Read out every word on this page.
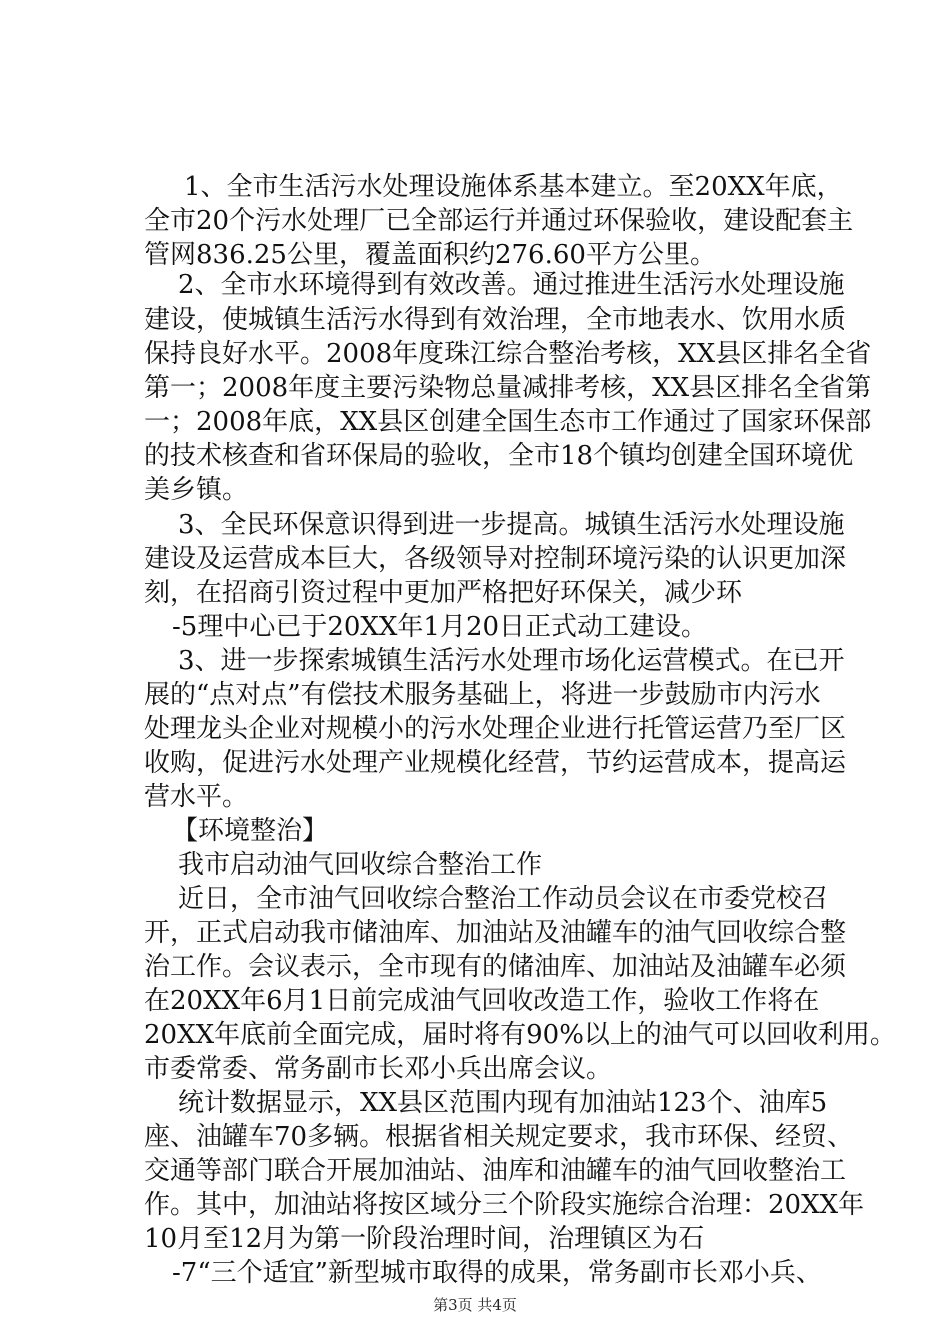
1、全市生活污水处理设施体系基本建立。至20XX年底，
全市20个污水处理厂已全部运行并通过环保验收，建设配套主
管网836.25公里，覆盖面积约276.60平方公里。
2、全市水环境得到有效改善。通过推进生活污水处理设施
建设，使城镇生活污水得到有效治理，全市地表水、饮用水质
保持良好水平。2008年度珠江综合整治考核，XX县区排名全省
第一；2008年度主要污染物总量减排考核，XX县区排名全省第
一；2008年底，XX县区创建全国生态市工作通过了国家环保部
的技术核查和省环保局的验收，全市18个镇均创建全国环境优
美乡镇。
3、全民环保意识得到进一步提高。城镇生活污水处理设施
建设及运营成本巨大，各级领导对控制环境污染的认识更加深
刻，在招商引资过程中更加严格把好环保关，减少环
-5理中心已于20XX年1月20日正式动工建设。
3、进一步探索城镇生活污水处理市场化运营模式。在已开
展的“点对点”有偿技术服务基础上，将进一步鼓励市内污水
处理龙头企业对规模小的污水处理企业进行托管运营乃至厂区
收购，促进污水处理产业规模化经营，节约运营成本，提高运
营水平。
【环境整治】
我市启动油气回收综合整治工作
近日，全市油气回收综合整治工作动员会议在市委党校召
开，正式启动我市储油库、加油站及油罐车的油气回收综合整
治工作。会议表示，全市现有的储油库、加油站及油罐车必须
在20XX年6月1日前完成油气回收改造工作，验收工作将在
20XX年底前全面完成，届时将有90%以上的油气可以回收利用。
市委常委、常务副市长邓小兵出席会议。
统计数据显示，XX县区范围内现有加油站123个、油库5
座、油罐车70多辆。根据省相关规定要求，我市环保、经贸、
交通等部门联合开展加油站、油库和油罐车的油气回收整治工
作。其中，加油站将按区域分三个阶段实施综合治理：20XX年
10月至12月为第一阶段治理时间，治理镇区为石
-7“三个适宜”新型城市取得的成果，常务副市长邓小兵、
第3页 共4页
